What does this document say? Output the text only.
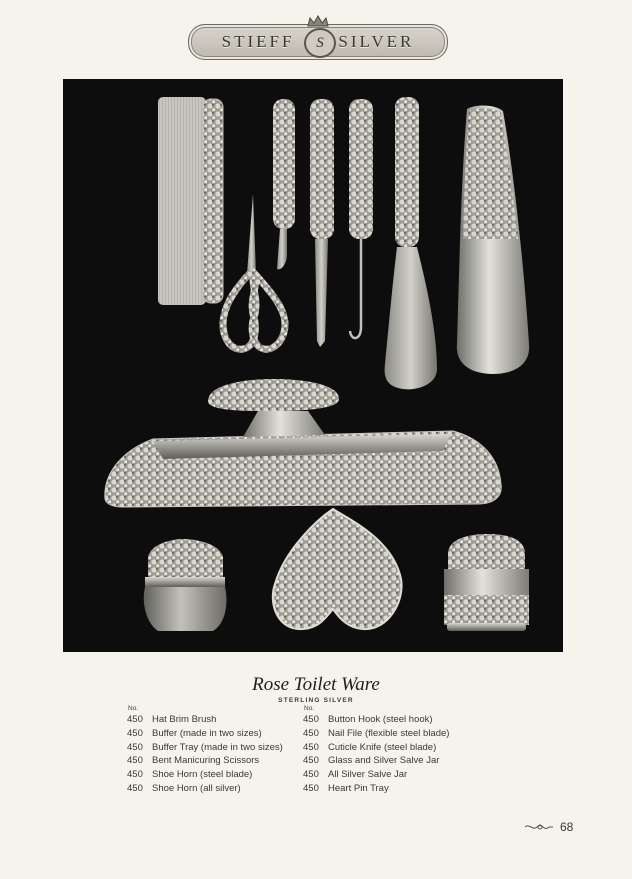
STIEFF	SILVER
S
Rose Toilet Ware
STERLING SILVER
No.
450 Hat Brim Brush
450 Buffer (made in two sizes)
450 Buffer Tray (made in two sizes)
450 Bent Manicuring Scissors
450 Shoe Horn (steel blade)
450 Shoe Horn (all silver)
No.
450 Button Hook (steel hook)
450 Nail File (flexible steel blade)
450 Cuticle Knife (steel blade)
450 Glass and Silver Salve Jar
450 All Silver Salve Jar
450 Heart Pin Tray
68
